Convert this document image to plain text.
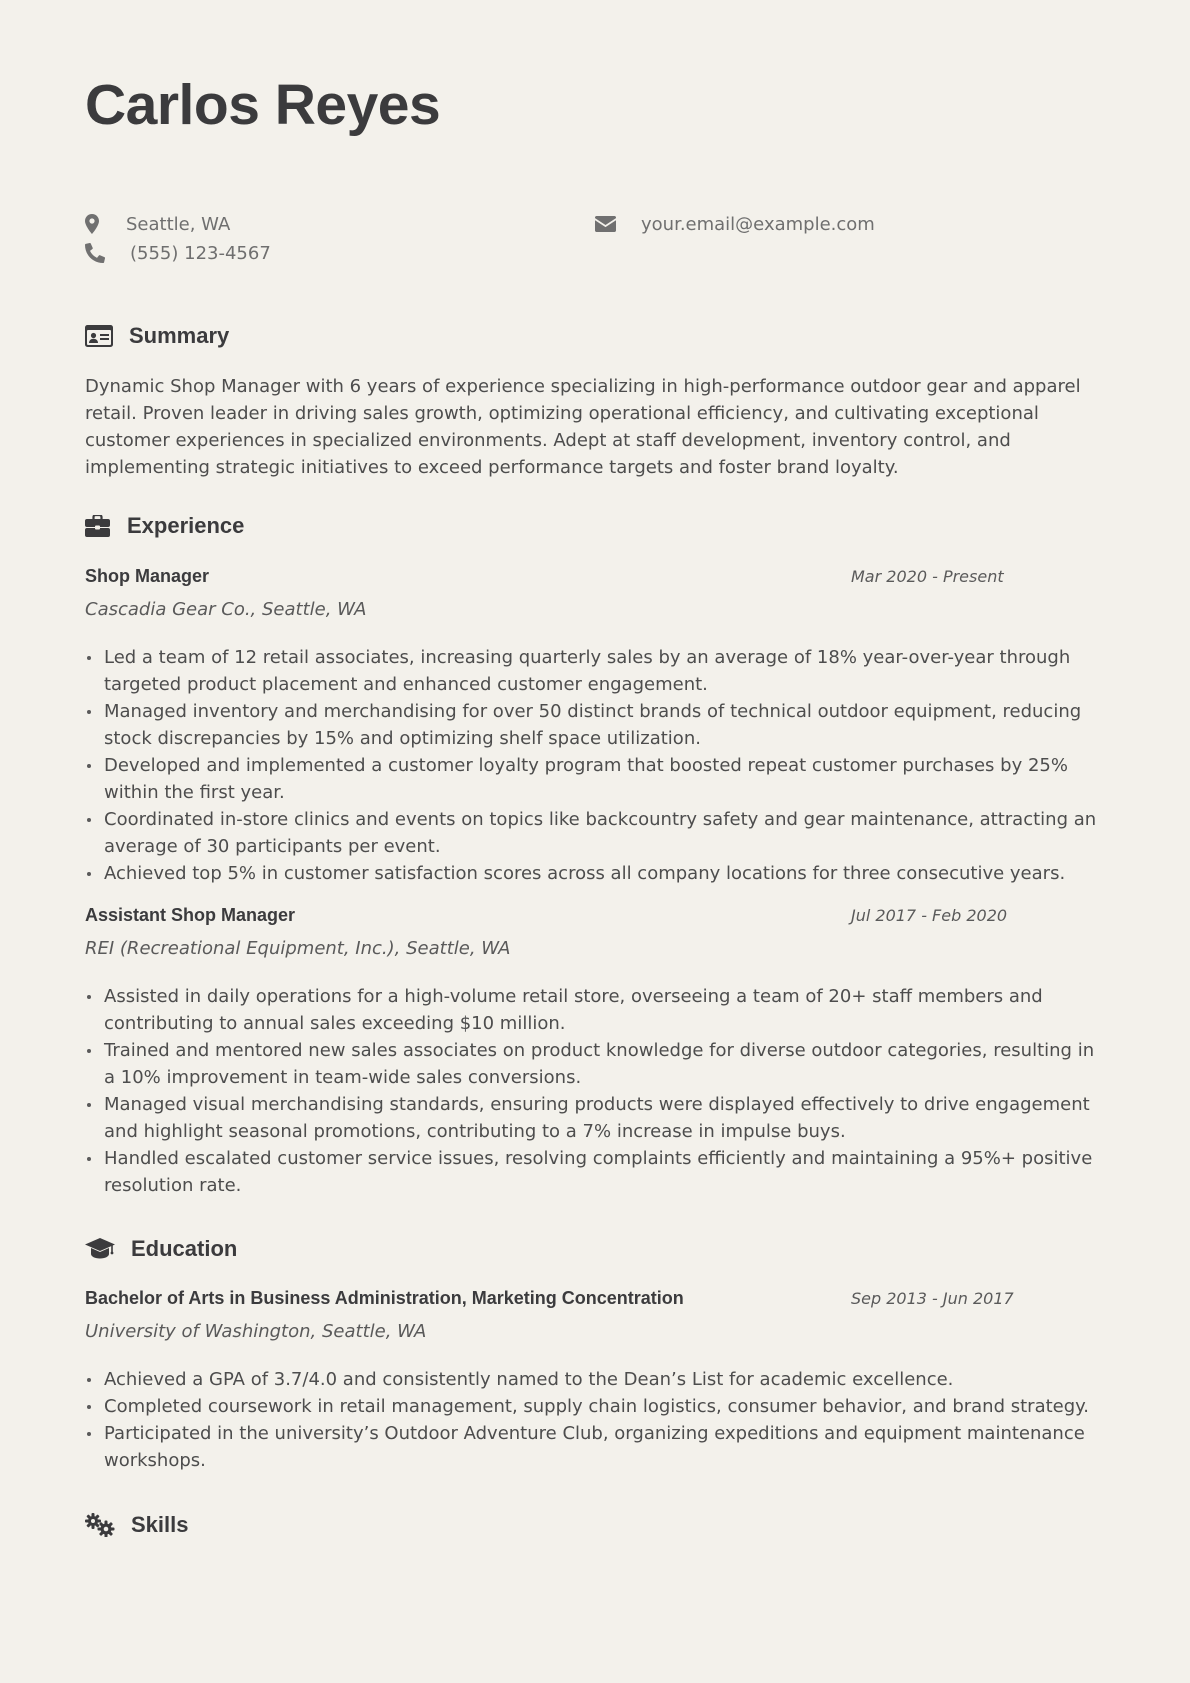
Carlos Reyes
Seattle, WA	your.email@example.com
(555) 123-4567
Summary

Dynamic Shop Manager with 6 years of experience specializing in high-performance outdoor gear and apparel retail. Proven leader in driving sales growth, optimizing operational efficiency, and cultivating exceptional customer experiences in specialized environments. Adept at staff development, inventory control, and implementing strategic initiatives to exceed performance targets and foster brand loyalty.

Experience

Shop Manager	Mar 2020 - Present

Cascadia Gear Co., Seattle, WA

Led a team of 12 retail associates, increasing quarterly sales by an average of 18% year-over-year through targeted product placement and enhanced customer engagement.
Managed inventory and merchandising for over 50 distinct brands of technical outdoor equipment, reducing stock discrepancies by 15% and optimizing shelf space utilization.
Developed and implemented a customer loyalty program that boosted repeat customer purchases by 25% within the first year.
Coordinated in-store clinics and events on topics like backcountry safety and gear maintenance, attracting an average of 30 participants per event.
Achieved top 5% in customer satisfaction scores across all company locations for three consecutive years.

Assistant Shop Manager	Jul 2017 - Feb 2020

REI (Recreational Equipment, Inc.), Seattle, WA

Assisted in daily operations for a high-volume retail store, overseeing a team of 20+ staff members and contributing to annual sales exceeding $10 million.
Trained and mentored new sales associates on product knowledge for diverse outdoor categories, resulting in a 10% improvement in team-wide sales conversions.
Managed visual merchandising standards, ensuring products were displayed effectively to drive engagement and highlight seasonal promotions, contributing to a 7% increase in impulse buys.
Handled escalated customer service issues, resolving complaints efficiently and maintaining a 95%+ positive resolution rate.
Education

Bachelor of Arts in Business Administration, Marketing Concentration	Sep 2013 - Jun 2017

University of Washington, Seattle, WA

Achieved a GPA of 3.7/4.0 and consistently named to the Dean’s List for academic excellence.
Completed coursework in retail management, supply chain logistics, consumer behavior, and brand strategy.
Participated in the university’s Outdoor Adventure Club, organizing expeditions and equipment maintenance workshops.
Skills
